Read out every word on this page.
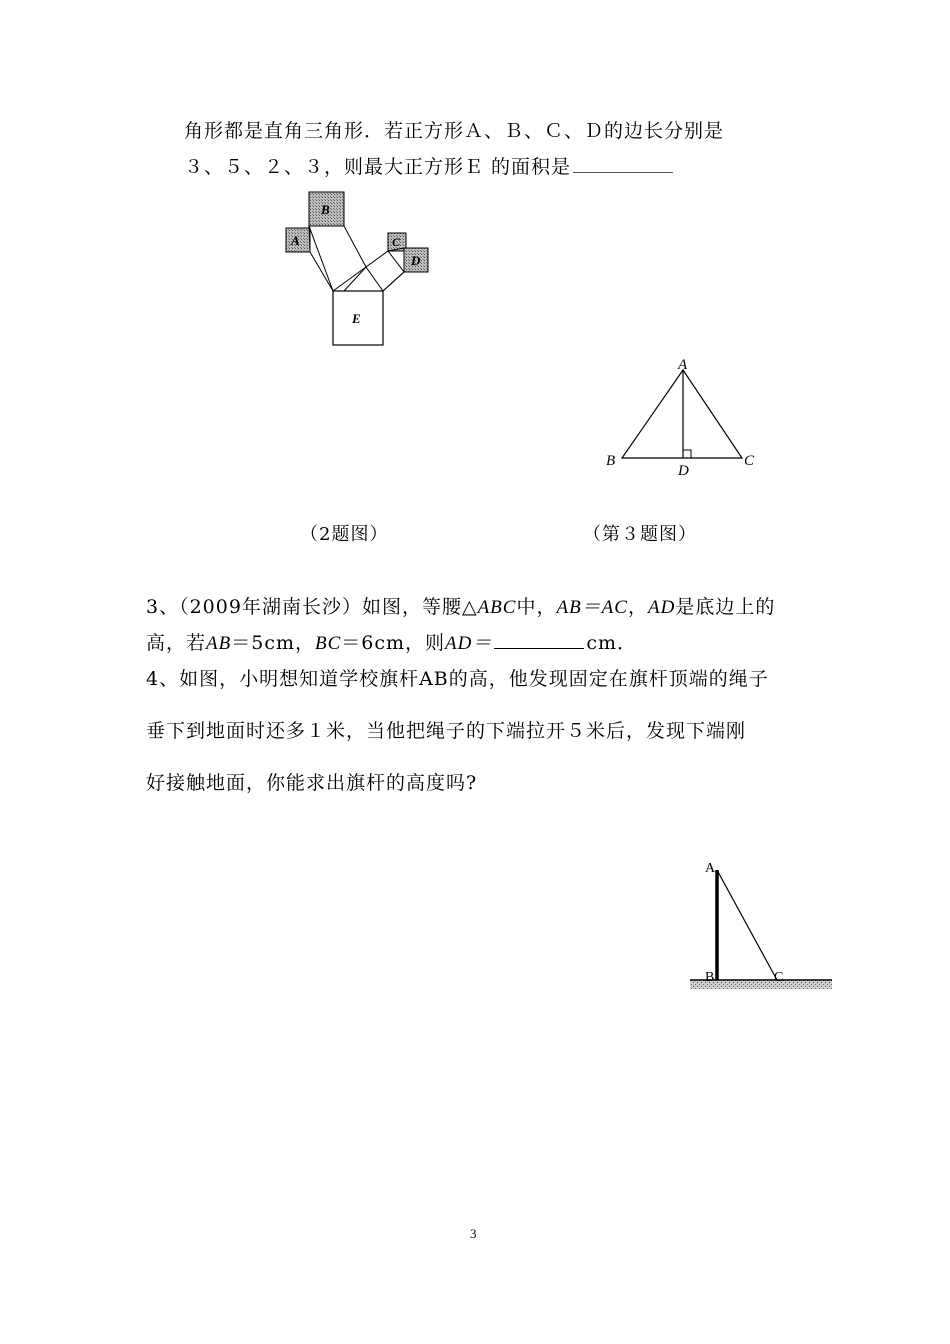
角形都是直角三角形．若正方形Ａ、Ｂ、Ｃ、Ｄ的边长分别是
３、５、２、３，则最大正方形Ｅ 的面积是
B
A	C
D
E
A
B	C
D
（2题图）	（第３题图）
3、（2009年湖南长沙）如图，等腰△ABC中，AB＝AC，AD是底边上的
高，若AB＝5cm，BC＝6cm，则AD＝	cm．
4、如图，小明想知道学校旗杆AB的高，他发现固定在旗杆顶端的绳子
垂下到地面时还多１米，当他把绳子的下端拉开５米后，发现下端刚
好接触地面，你能求出旗杆的高度吗?
A
B	C
3
